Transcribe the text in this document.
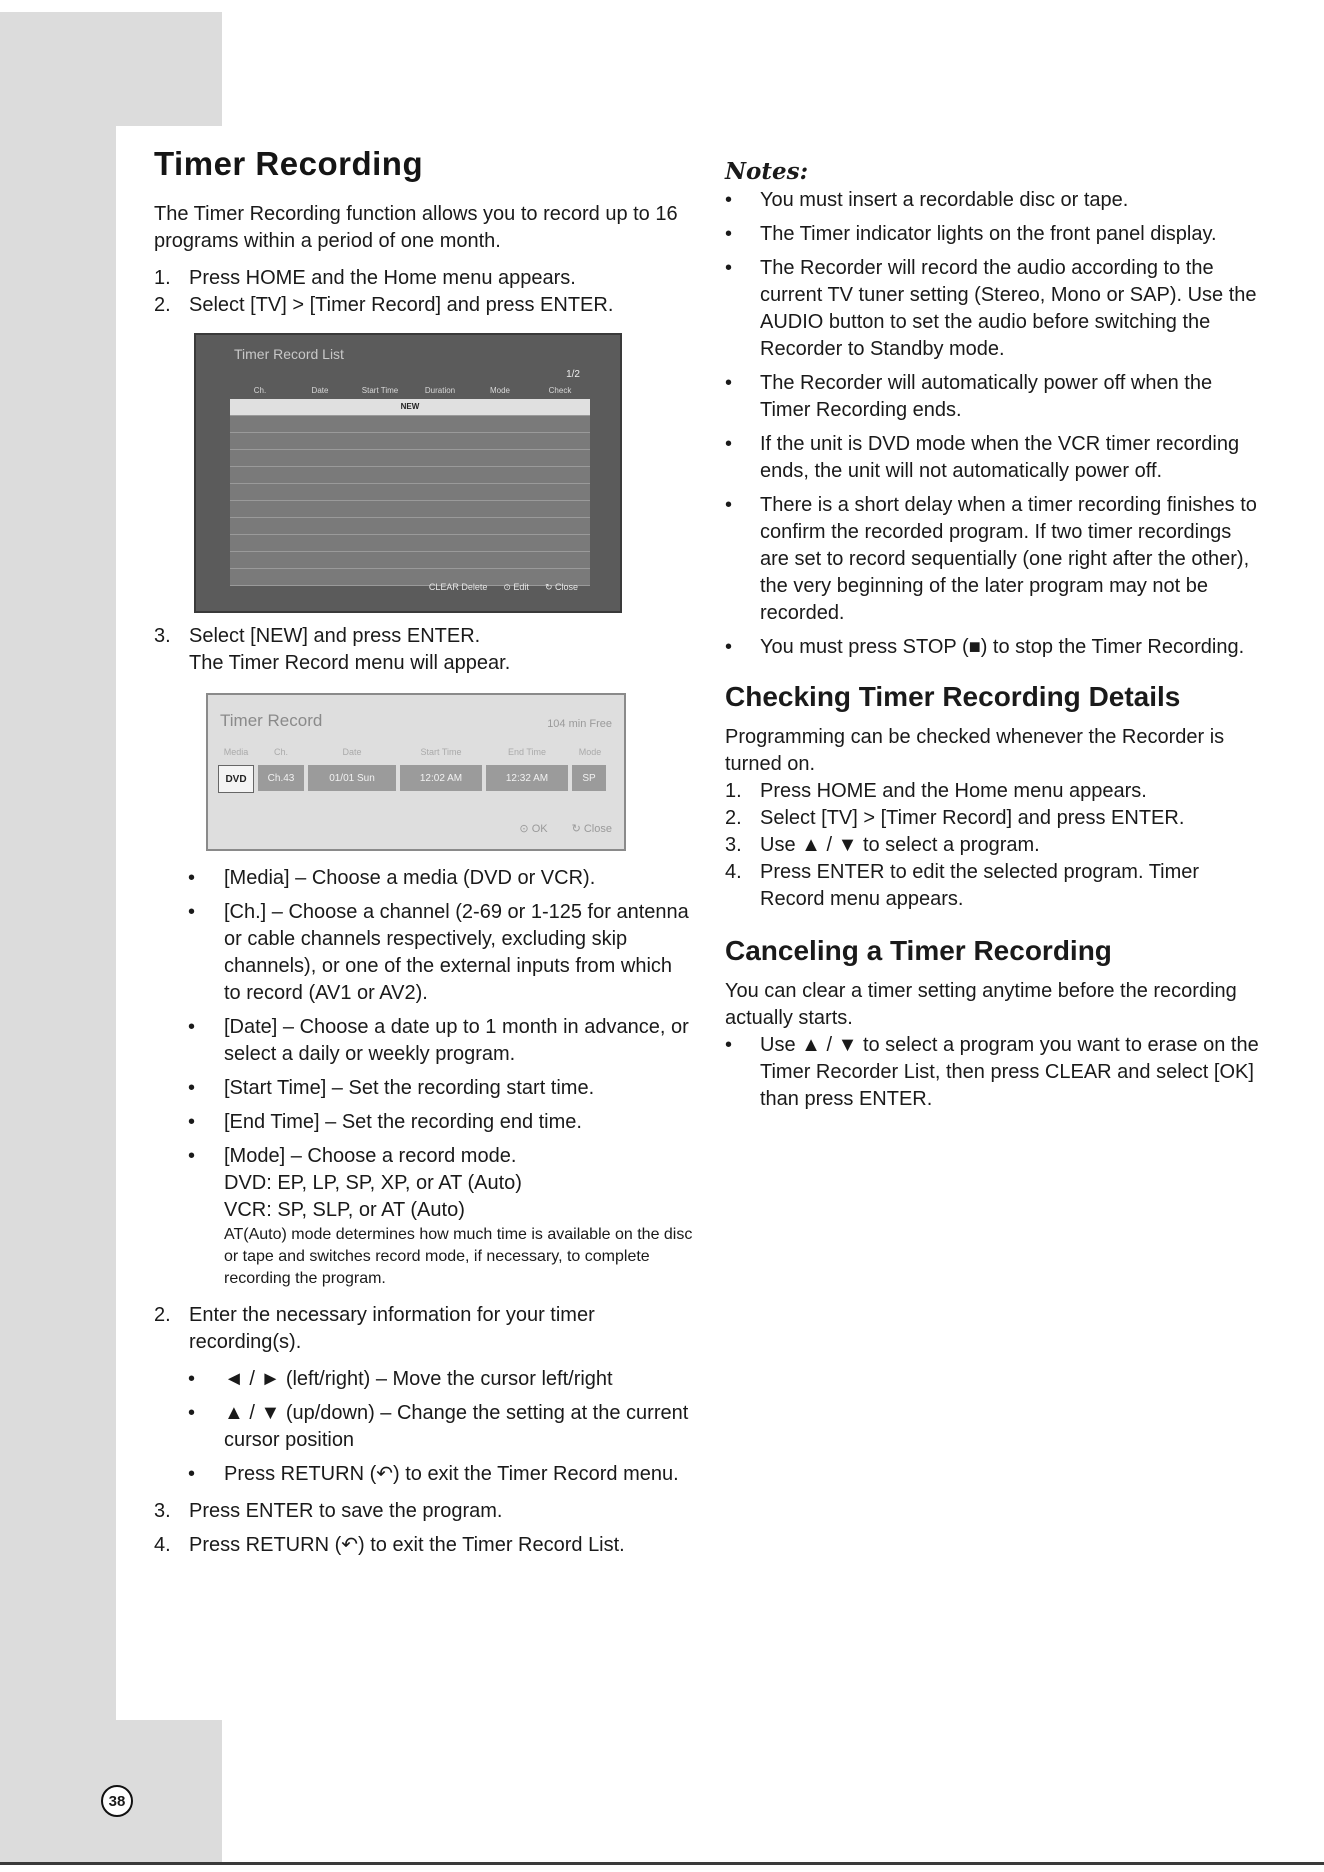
38
Timer Recording

The Timer Recording function allows you to record up to 16 programs within a period of one month.

1. Press HOME and the Home menu appears.
2. Select [TV] > [Timer Record] and press ENTER.
Timer Record List
1/2
Ch.	Date	Start Time	Duration	Mode	Check
NEW
CLEAR Delete ⊙ Edit ↻ Close
3. Select [NEW] and press ENTER.
The Timer Record menu will appear.
Timer Record	104 min Free
Media	Ch.	Date	Start Time	End Time	Mode
DVD	Ch.43	01/01 Sun	12:02 AM	12:32 AM	SP
⊙ OK ↻ Close
• [Media] – Choose a media (DVD or VCR).
• [Ch.] – Choose a channel (2-69 or 1-125 for antenna or cable channels respectively, excluding skip channels), or one of the external inputs from which to record (AV1 or AV2).
• [Date] – Choose a date up to 1 month in advance, or select a daily or weekly program.
• [Start Time] – Set the recording start time.
• [End Time] – Set the recording end time.
• [Mode] – Choose a record mode.
DVD: EP, LP, SP, XP, or AT (Auto)
VCR: SP, SLP, or AT (Auto)
AT(Auto) mode determines how much time is available on the disc or tape and switches record mode, if necessary, to complete recording the program.
2. Enter the necessary information for your timer recording(s).
• ◄ / ► (left/right) – Move the cursor left/right
• ▲ / ▼ (up/down) – Change the setting at the current cursor position
• Press RETURN (↶) to exit the Timer Record menu.
3. Press ENTER to save the program.
4. Press RETURN (↶) to exit the Timer Record List.
Notes:
• You must insert a recordable disc or tape.
• The Timer indicator lights on the front panel display.
• The Recorder will record the audio according to the current TV tuner setting (Stereo, Mono or SAP). Use the AUDIO button to set the audio before switching the Recorder to Standby mode.
• The Recorder will automatically power off when the Timer Recording ends.
• If the unit is DVD mode when the VCR timer recording ends, the unit will not automatically power off.
• There is a short delay when a timer recording finishes to confirm the recorded program. If two timer recordings are set to record sequentially (one right after the other), the very beginning of the later program may not be recorded.
• You must press STOP (■) to stop the Timer Recording.
Checking Timer Recording Details

Programming can be checked whenever the Recorder is turned on.

1. Press HOME and the Home menu appears.
2. Select [TV] > [Timer Record] and press ENTER.
3. Use ▲ / ▼ to select a program.
4. Press ENTER to edit the selected program. Timer Record menu appears.
Canceling a Timer Recording

You can clear a timer setting anytime before the recording actually starts.

• Use ▲ / ▼ to select a program you want to erase on the Timer Recorder List, then press CLEAR and select [OK] than press ENTER.
